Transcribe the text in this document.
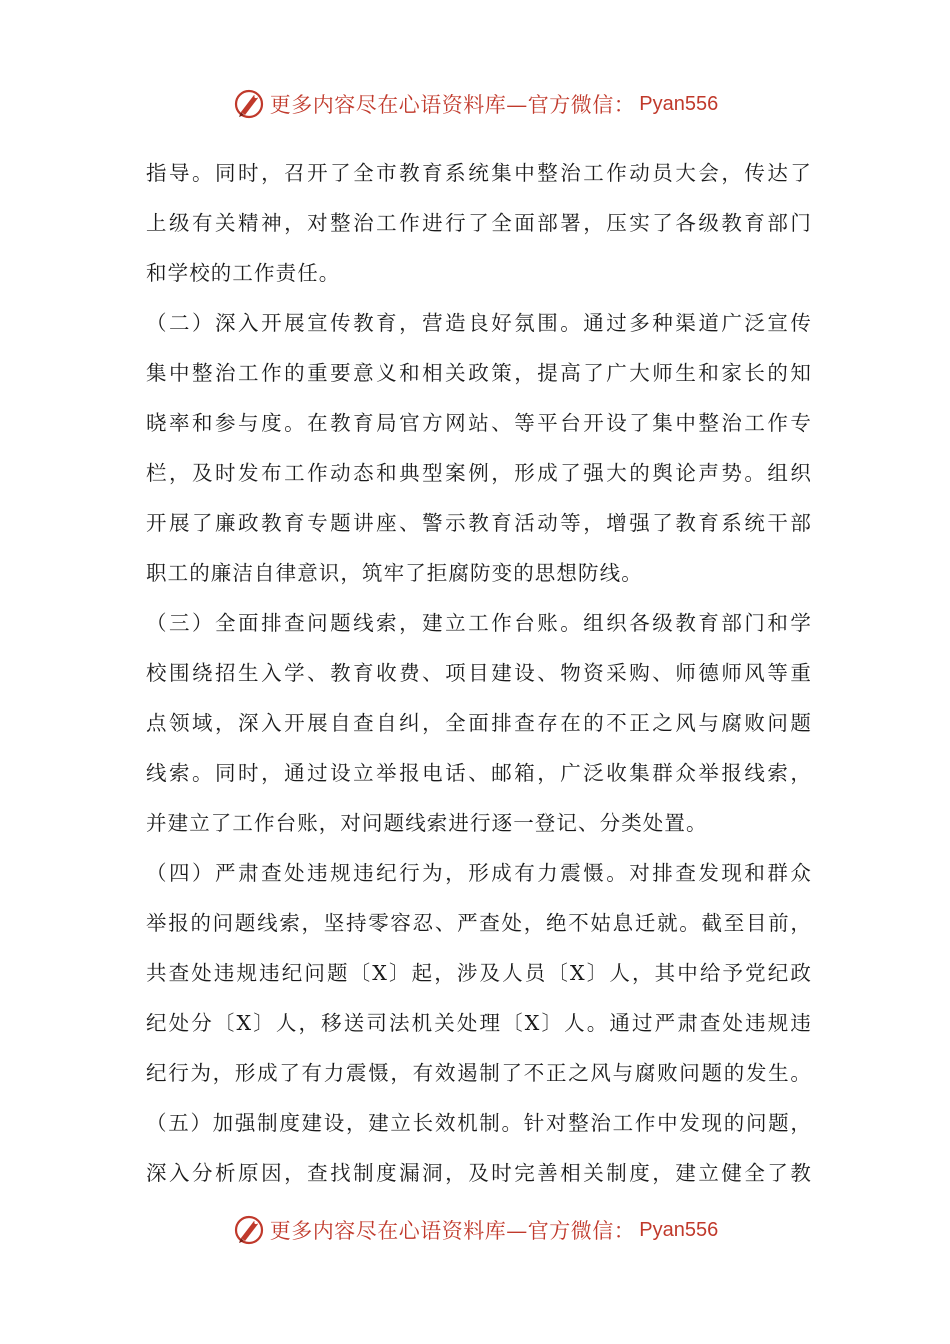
更多内容尽在心语资料库—官方微信： Pyan556
指导。同时，召开了全市教育系统集中整治工作动员大会，传达了
上级有关精神，对整治工作进行了全面部署，压实了各级教育部门
和学校的工作责任。
（二）深入开展宣传教育，营造良好氛围。通过多种渠道广泛宣传
集中整治工作的重要意义和相关政策，提高了广大师生和家长的知
晓率和参与度。在教育局官方网站、等平台开设了集中整治工作专
栏，及时发布工作动态和典型案例，形成了强大的舆论声势。组织
开展了廉政教育专题讲座、警示教育活动等，增强了教育系统干部
职工的廉洁自律意识，筑牢了拒腐防变的思想防线。
（三）全面排查问题线索，建立工作台账。组织各级教育部门和学
校围绕招生入学、教育收费、项目建设、物资采购、师德师风等重
点领域，深入开展自查自纠，全面排查存在的不正之风与腐败问题
线索。同时，通过设立举报电话、邮箱，广泛收集群众举报线索，
并建立了工作台账，对问题线索进行逐一登记、分类处置。
（四）严肃查处违规违纪行为，形成有力震慑。对排查发现和群众
举报的问题线索，坚持零容忍、严查处，绝不姑息迁就。截至目前，
共查处违规违纪问题〔X〕起，涉及人员〔X〕人，其中给予党纪政
纪处分〔X〕人，移送司法机关处理〔X〕人。通过严肃查处违规违
纪行为，形成了有力震慑，有效遏制了不正之风与腐败问题的发生。
（五）加强制度建设，建立长效机制。针对整治工作中发现的问题，
深入分析原因，查找制度漏洞，及时完善相关制度，建立健全了教
更多内容尽在心语资料库—官方微信： Pyan556
